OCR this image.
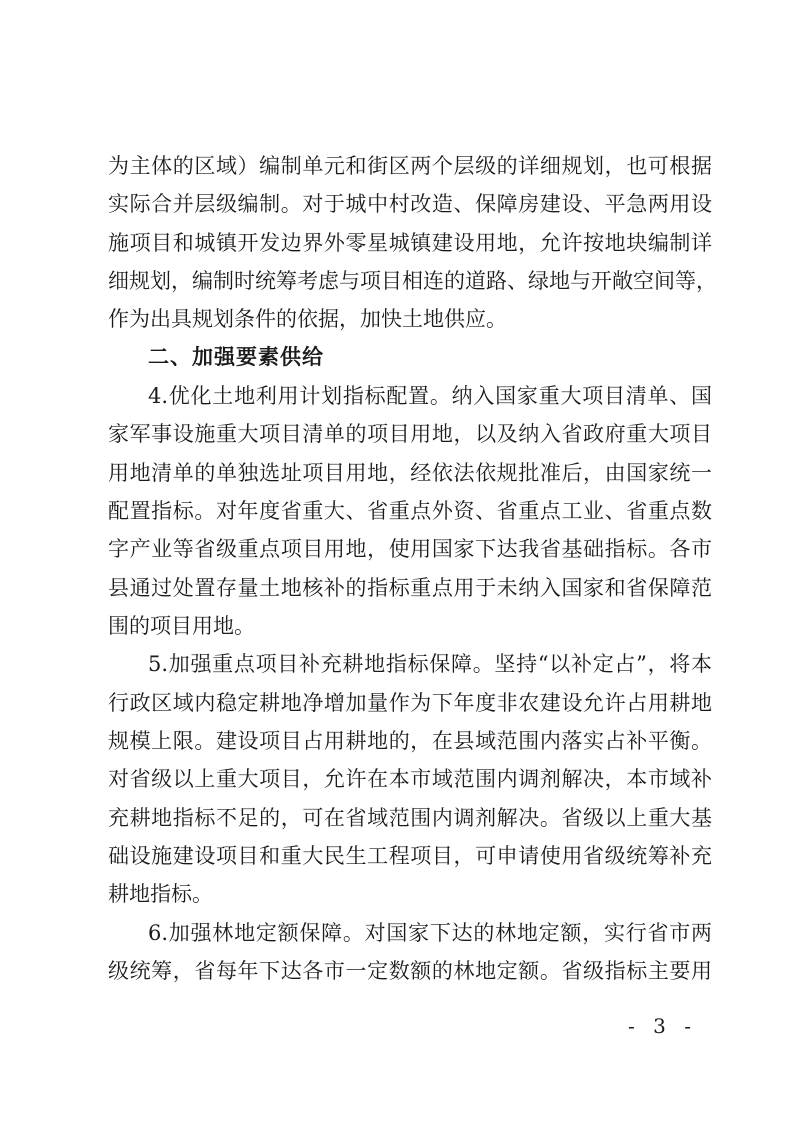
为主体的区域）编制单元和街区两个层级的详细规划，也可根据
实际合并层级编制。对于城中村改造、保障房建设、平急两用设
施项目和城镇开发边界外零星城镇建设用地，允许按地块编制详
细规划，编制时统筹考虑与项目相连的道路、绿地与开敞空间等，
作为出具规划条件的依据，加快土地供应。
二、加强要素供给
4.优化土地利用计划指标配置。纳入国家重大项目清单、国
家军事设施重大项目清单的项目用地，以及纳入省政府重大项目
用地清单的单独选址项目用地，经依法依规批准后，由国家统一
配置指标。对年度省重大、省重点外资、省重点工业、省重点数
字产业等省级重点项目用地，使用国家下达我省基础指标。各市
县通过处置存量土地核补的指标重点用于未纳入国家和省保障范
围的项目用地。
5.加强重点项目补充耕地指标保障。坚持“以补定占”，将本
行政区域内稳定耕地净增加量作为下年度非农建设允许占用耕地
规模上限。建设项目占用耕地的，在县域范围内落实占补平衡。
对省级以上重大项目，允许在本市域范围内调剂解决，本市域补
充耕地指标不足的，可在省域范围内调剂解决。省级以上重大基
础设施建设项目和重大民生工程项目，可申请使用省级统筹补充
耕地指标。
6.加强林地定额保障。对国家下达的林地定额，实行省市两
级统筹，省每年下达各市一定数额的林地定额。省级指标主要用
- 3 -
